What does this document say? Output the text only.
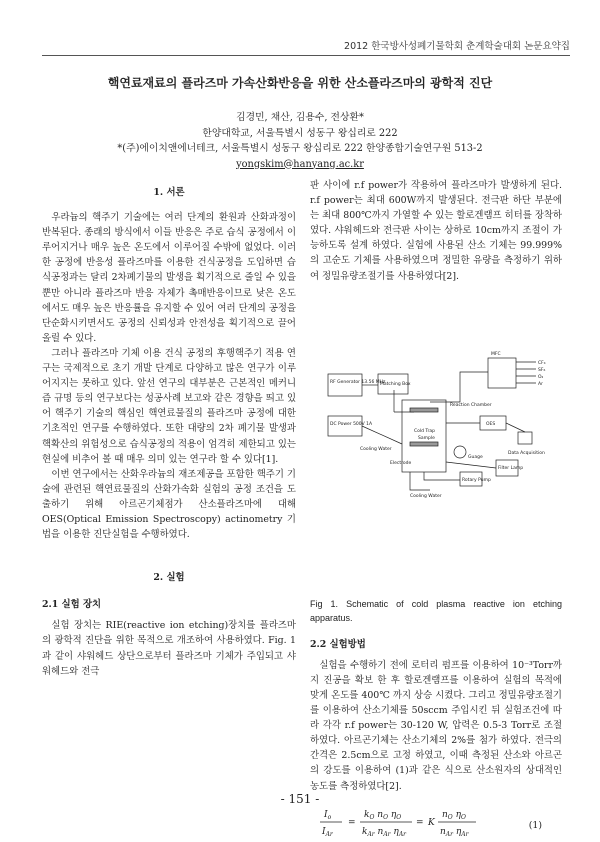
2012 한국방사성폐기물학회 춘계학술대회 논문요약집
핵연료재료의 플라즈마 가속산화반응을 위한 산소플라즈마의 광학적 진단
김경민, 채산, 김용수, 전상환*
한양대학교, 서울특별시 성동구 왕십리로 222
*(주)에이치앤에너테크, 서울특별시 성동구 왕십리로 222 한양종합기술연구원 513-2
yongskim@hanyang.ac.kr
1. 서론

우라늄의 핵주기 기술에는 여러 단계의 환원과 산화과정이 반복된다. 종래의 방식에서 이들 반응은 주로 습식 공정에서 이루어지거나 매우 높은 온도에서 이루어질 수밖에 없었다. 이러한 공정에 반응성 플라즈마를 이용한 건식공정을 도입하면 습식공정과는 달리 2차폐기물의 발생을 획기적으로 줄일 수 있을 뿐만 아니라 플라즈마 반응 자체가 촉매반응이므로 낮은 온도에서도 매우 높은 반응률을 유지할 수 있어 여러 단계의 공정을 단순화시키면서도 공정의 신뢰성과 안전성을 획기적으로 끌어 올릴 수 있다.

그러나 플라즈마 기체 이용 건식 공정의 후행핵주기 적용 연구는 국제적으로 초기 개발 단계로 다양하고 많은 연구가 이루어지지는 못하고 있다. 앞선 연구의 대부분은 근본적인 메커니즘 규명 등의 연구보다는 성공사례 보고와 같은 경향을 띄고 있어 핵주기 기술의 핵심인 핵연료물질의 플라즈마 공정에 대한 기초적인 연구를 수행하였다. 또한 대량의 2차 폐기물 발생과 핵확산의 위험성으로 습식공정의 적용이 엄격히 제한되고 있는 현실에 비추어 볼 때 매우 의미 있는 연구라 할 수 있다[1].

이번 연구에서는 산화우라늄의 재조제공을 포함한 핵주기 기술에 관련된 핵연료물질의 산화가속화 실험의 공정 조건을 도출하기 위해 아르곤기체점가 산소플라즈마에 대해 OES(Optical Emission Spectroscopy) actinometry 기법을 이용한 진단실험을 수행하였다.

2. 실험
2.1 실험 장치

실험 장치는 RIE(reactive ion etching)장치를 플라즈마의 광학적 진단을 위한 목적으로 개조하여 사용하였다. Fig. 1과 같이 샤워헤드 상단으로부터 플라즈마 기체가 주입되고 샤워헤드와 전극

판 사이에 r.f power가 작용하여 플라즈마가 발생하게 된다. r.f power는 최대 600W까지 발생된다. 전극판 하단 부분에는 최대 800℃까지 가열할 수 있는 할로겐램프 히터를 장착하였다. 샤워헤드와 전극판 사이는 상하로 10cm까지 조절이 가능하도록 설계 하였다. 실험에 사용된 산소 기체는 99.999%의 고순도 기체를 사용하였으며 정밀한 유량을 측정하기 위하여 정밀유량조절기를 사용하였다[2].

RF Generator 13.56 MHz
Matching Box
MFC
CF₄
SF₆
O₂
Ar
Reaction Chamber
OES
Data Acquisition
DC Power 500V 1A
Cooling Water
Cold Trap
Sample
Electrode
Guage
Rotary Pump
Filter Lamp
Cooling Water
Fig 1. Schematic of cold plasma reactive ion etching apparatus.
2.2 실험방법

실험을 수행하기 전에 로터리 펌프를 이용하여 10⁻³Torr까지 진공을 확보 한 후 할로겐램프를 이용하여 실험의 목적에 맞게 온도를 400℃ 까지 상승 시켰다. 그리고 정밀유량조절기를 이용하여 산소기체를 50sccm 주입시킨 뒤 실험조건에 따라 각각 r.f power는 30-120 W, 압력은 0.5-3 Torr로 조절하였다. 아르곤기체는 산소기체의 2%를 첨가 하였다. 전극의 간격은 2.5cm으로 고정 하였고, 이때 측정된 산소와 아르곤의 강도를 이용하여 (1)과 같은 식으로 산소원자의 상대적인 농도를 측정하였다[2].

$I_o$
$I_{Ar}$
=
$k_O$ $n_O$ $\eta_O$
$k_{Ar}$ $n_{Ar}$ $\eta_{Ar}$
= K
$n_O$ $\eta_O$
$n_{Ar}$ $\eta_{Ar}$
(1)
- 151 -
